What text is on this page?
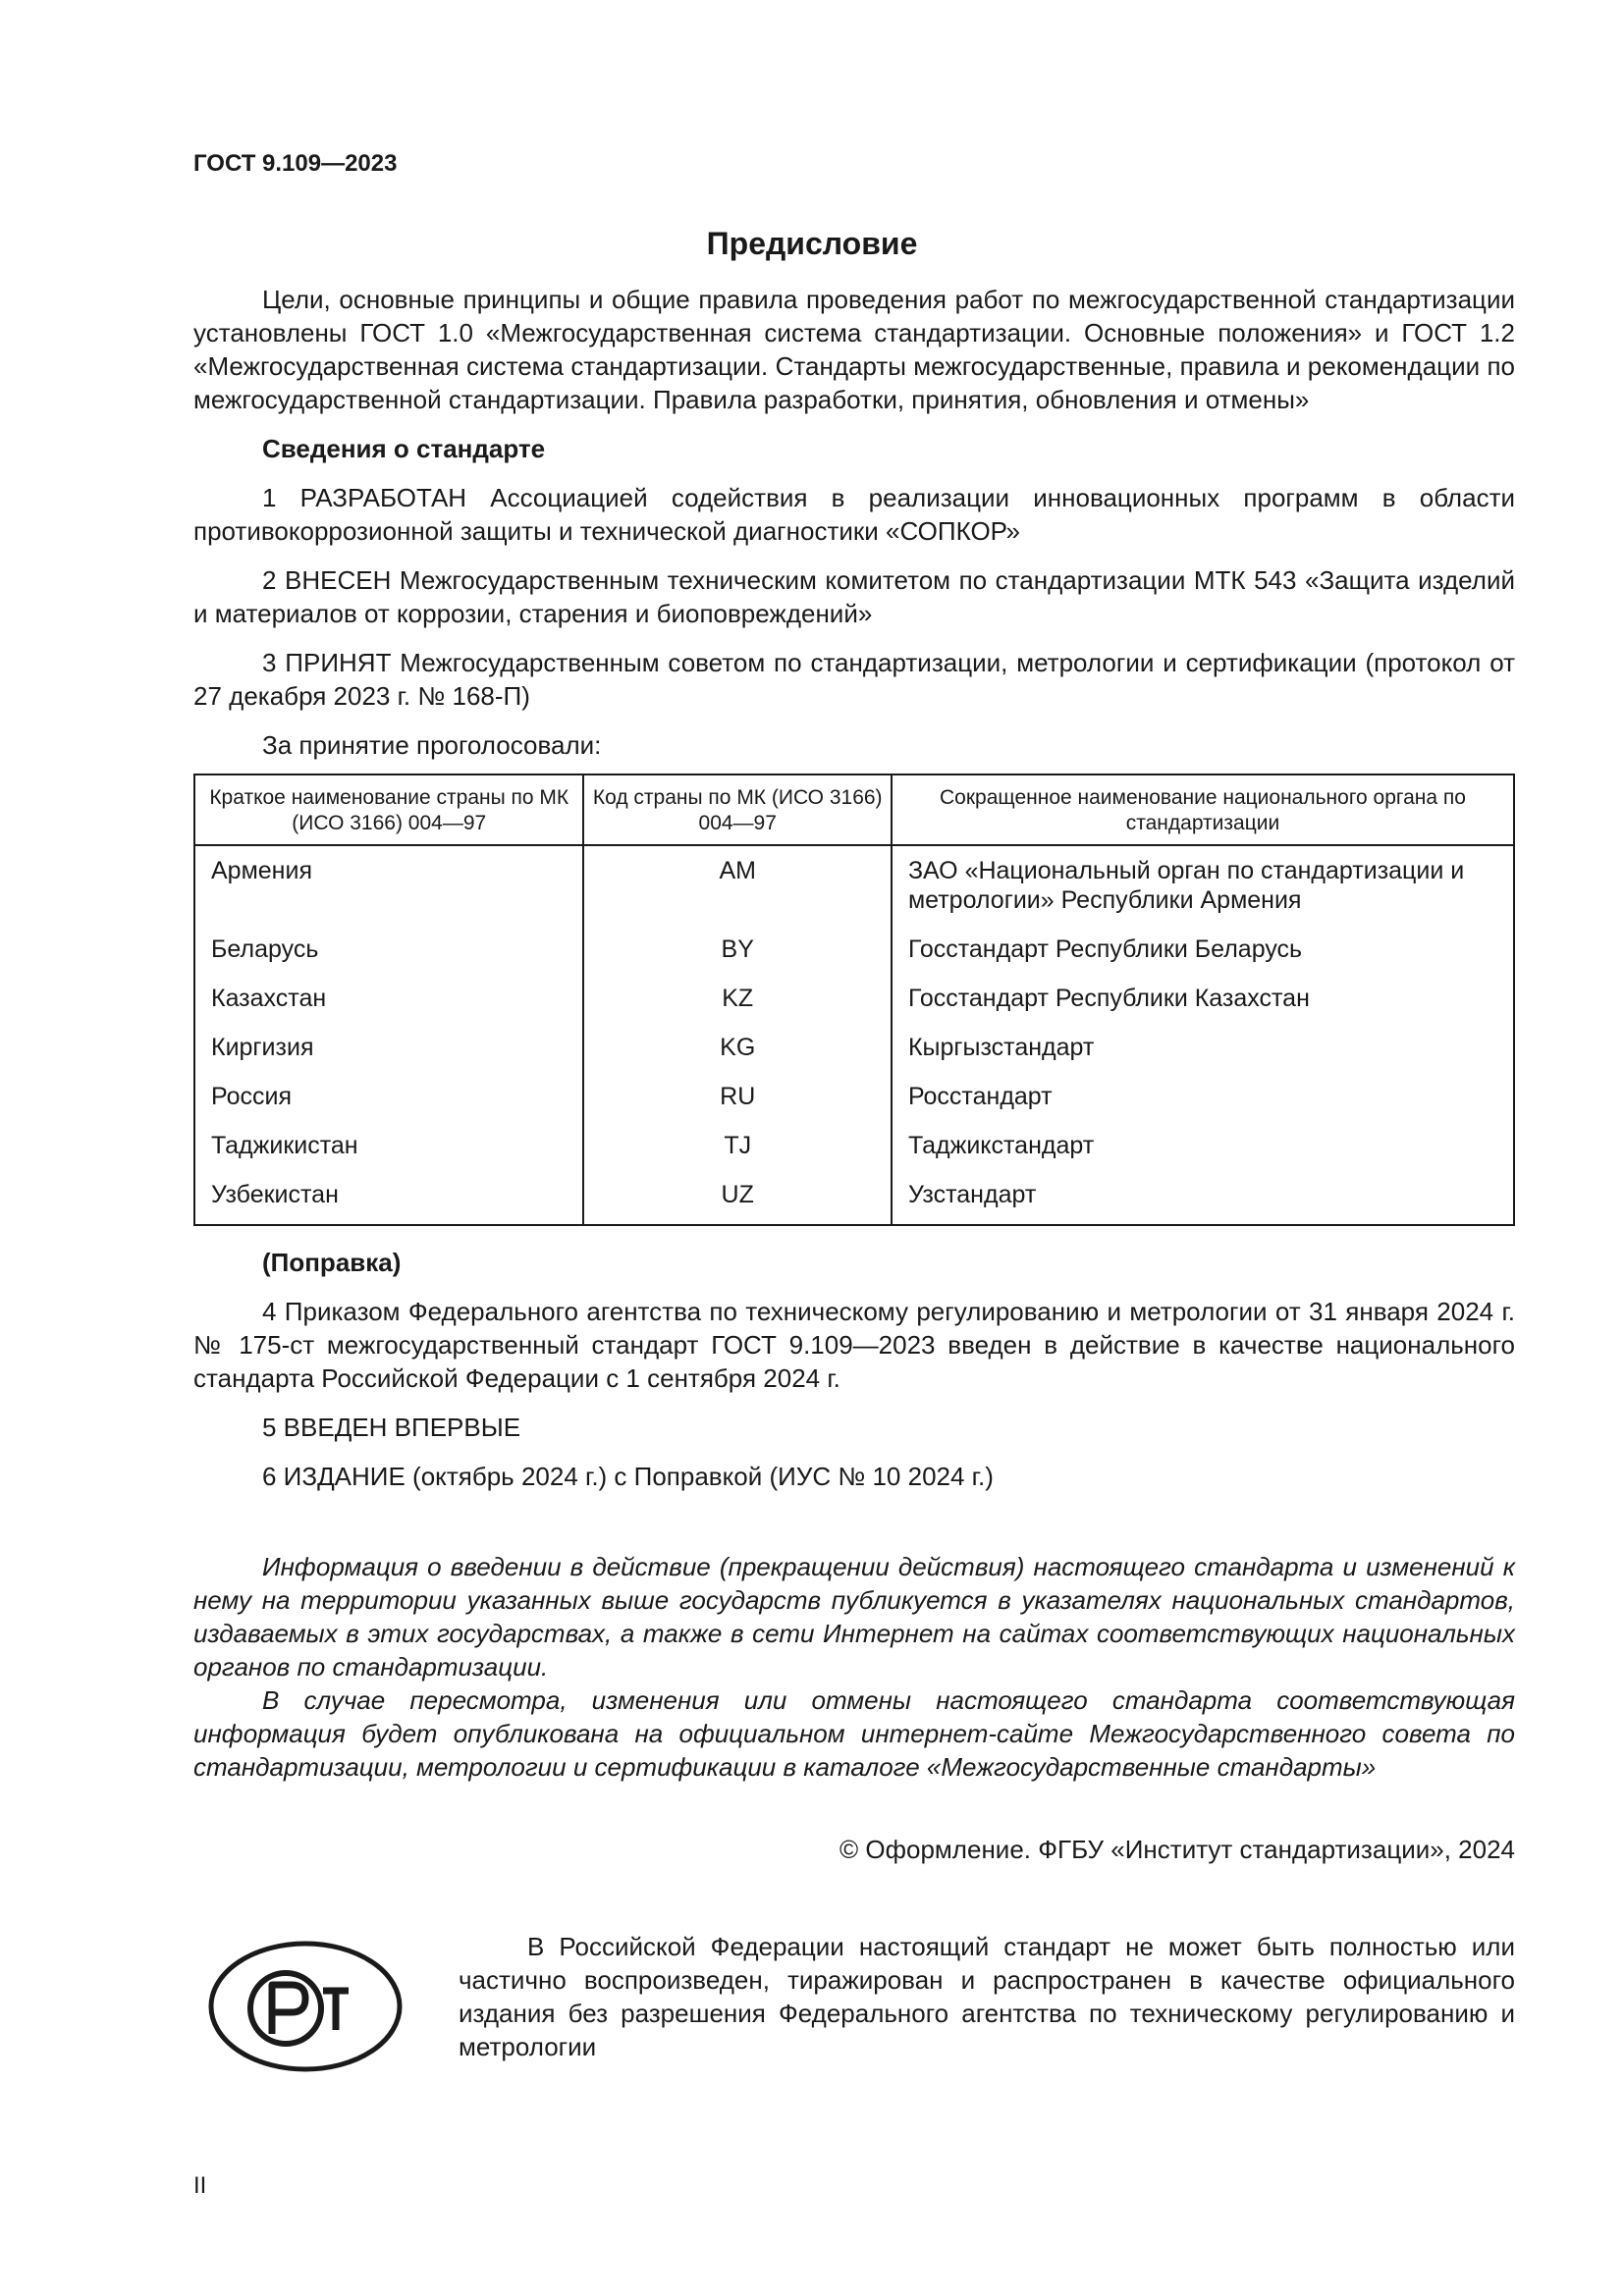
ГОСТ 9.109—2023
Предисловие

Цели, основные принципы и общие правила проведения работ по межгосударственной стандартизации установлены ГОСТ 1.0 «Межгосударственная система стандартизации. Основные положения» и ГОСТ 1.2 «Межгосударственная система стандартизации. Стандарты межгосударственные, правила и рекомендации по межгосударственной стандартизации. Правила разработки, принятия, обновления и отмены»

Сведения о стандарте

1 РАЗРАБОТАН Ассоциацией содействия в реализации инновационных программ в области противокоррозионной защиты и технической диагностики «СОПКОР»

2 ВНЕСЕН Межгосударственным техническим комитетом по стандартизации МТК 543 «Защита изделий и материалов от коррозии, старения и биоповреждений»

3 ПРИНЯТ Межгосударственным советом по стандартизации, метрологии и сертификации (протокол от 27 декабря 2023 г. № 168-П)

За принятие проголосовали:

Краткое наименование страны по МК (ИСО 3166) 004—97	Код страны по МК (ИСО 3166) 004—97	Сокращенное наименование национального органа по стандартизации
Армения	AM	ЗАО «Национальный орган по стандартизации и метрологии» Республики Армения
Беларусь	BY	Госстандарт Республики Беларусь
Казахстан	KZ	Госстандарт Республики Казахстан
Киргизия	KG	Кыргызстандарт
Россия	RU	Росстандарт
Таджикистан	TJ	Таджикстандарт
Узбекистан	UZ	Узстандарт

(Поправка)

4 Приказом Федерального агентства по техническому регулированию и метрологии от 31 января 2024 г. № 175-ст межгосударственный стандарт ГОСТ 9.109—2023 введен в действие в качестве национального стандарта Российской Федерации с 1 сентября 2024 г.

5 ВВЕДЕН ВПЕРВЫЕ

6 ИЗДАНИЕ (октябрь 2024 г.) с Поправкой (ИУС № 10 2024 г.)

Информация о введении в действие (прекращении действия) настоящего стандарта и изменений к нему на территории указанных выше государств публикуется в указателях национальных стандартов, издаваемых в этих государствах, а также в сети Интернет на сайтах соответствующих национальных органов по стандартизации.

В случае пересмотра, изменения или отмены настоящего стандарта соответствующая информация будет опубликована на официальном интернет-сайте Межгосударственного совета по стандартизации, метрологии и сертификации в каталоге «Межгосударственные стандарты»

© Оформление. ФГБУ «Институт стандартизации», 2024

В Российской Федерации настоящий стандарт не может быть полностью или частично воспроизведен, тиражирован и распространен в качестве официального издания без разрешения Федерального агентства по техническому регулированию и метрологии

II
